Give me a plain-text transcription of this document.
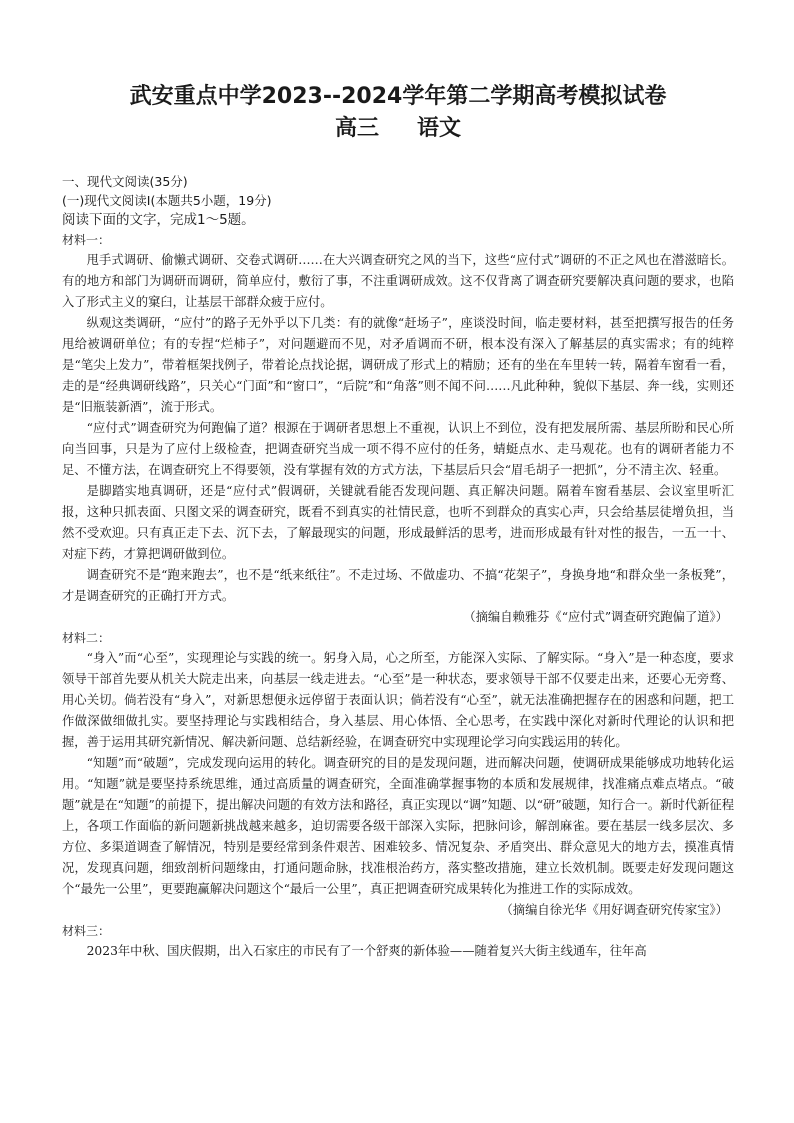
武安重点中学2023--2024学年第二学期高考模拟试卷
高三 语文

一、现代文阅读(35分)

(一)现代文阅读Ⅰ(本题共5小题，19分)

阅读下面的文字，完成1～5题。

材料一：

甩手式调研、偷懒式调研、交卷式调研……在大兴调查研究之风的当下，这些“应付式”调研的不正之风也在潜滋暗长。有的地方和部门为调研而调研，简单应付，敷衍了事，不注重调研成效。这不仅背离了调查研究要解决真问题的要求，也陷入了形式主义的窠臼，让基层干部群众疲于应付。

纵观这类调研，“应付”的路子无外乎以下几类：有的就像“赶场子”，座谈没时间，临走要材料，甚至把撰写报告的任务甩给被调研单位；有的专捏“烂柿子”，对问题避而不见，对矛盾调而不研，根本没有深入了解基层的真实需求；有的纯粹是“笔尖上发力”，带着框架找例子，带着论点找论据，调研成了形式上的精励；还有的坐在车里转一转，隔着车窗看一看，走的是“经典调研线路”，只关心“门面”和“窗口”，“后院”和“角落”则不闻不问……凡此种种，貌似下基层、奔一线，实则还是“旧瓶装新酒”，流于形式。

“应付式”调查研究为何跑偏了道？根源在于调研者思想上不重视，认识上不到位，没有把发展所需、基层所盼和民心所向当回事，只是为了应付上级检查，把调查研究当成一项不得不应付的任务，蜻蜓点水、走马观花。也有的调研者能力不足、不懂方法，在调查研究上不得要领，没有掌握有效的方式方法，下基层后只会“眉毛胡子一把抓”，分不清主次、轻重。

是脚踏实地真调研，还是“应付式”假调研，关键就看能否发现问题、真正解决问题。隔着车窗看基层、会议室里听汇报，这种只抓表面、只图文采的调查研究，既看不到真实的社情民意，也听不到群众的真实心声，只会给基层徒增负担，当然不受欢迎。只有真正走下去、沉下去，了解最现实的问题，形成最鲜活的思考，进而形成最有针对性的报告，一五一十、对症下药，才算把调研做到位。

调查研究不是“跑来跑去”，也不是“纸来纸往”。不走过场、不做虚功、不搞“花架子”，身换身地“和群众坐一条板凳”，才是调查研究的正确打开方式。

（摘编自赖雅芬《“应付式”调查研究跑偏了道》）

材料二：

“身入”而“心至”，实现理论与实践的统一。躬身入局，心之所至，方能深入实际、了解实际。“身入”是一种态度，要求领导干部首先要从机关大院走出来，向基层一线走进去。“心至”是一种状态，要求领导干部不仅要走出来，还要心无旁骛、用心关切。倘若没有“身入”，对新思想便永远停留于表面认识；倘若没有“心至”，就无法准确把握存在的困惑和问题，把工作做深做细做扎实。要坚持理论与实践相结合，身入基层、用心体悟、全心思考，在实践中深化对新时代理论的认识和把握，善于运用其研究新情况、解决新问题、总结新经验，在调查研究中实现理论学习向实践运用的转化。

“知题”而“破题”，完成发现向运用的转化。调查研究的目的是发现问题，进而解决问题，使调研成果能够成功地转化运用。“知题”就是要坚持系统思维，通过高质量的调查研究，全面准确掌握事物的本质和发展规律，找准痛点难点堵点。“破题”就是在“知题”的前提下，提出解决问题的有效方法和路径，真正实现以“调”知题、以“研”破题，知行合一。新时代新征程上，各项工作面临的新问题新挑战越来越多，迫切需要各级干部深入实际，把脉问诊，解剖麻雀。要在基层一线多层次、多方位、多渠道调查了解情况，特别是要经常到条件艰苦、困难较多、情况复杂、矛盾突出、群众意见大的地方去，摸准真情况，发现真问题，细致剖析问题缘由，打通问题命脉，找准根治药方，落实整改措施，建立长效机制。既要走好发现问题这个“最先一公里”，更要跑赢解决问题这个“最后一公里”，真正把调查研究成果转化为推进工作的实际成效。

（摘编自徐光华《用好调查研究传家宝》）

材料三：

2023年中秋、国庆假期，出入石家庄的市民有了一个舒爽的新体验——随着复兴大街主线通车，往年高
